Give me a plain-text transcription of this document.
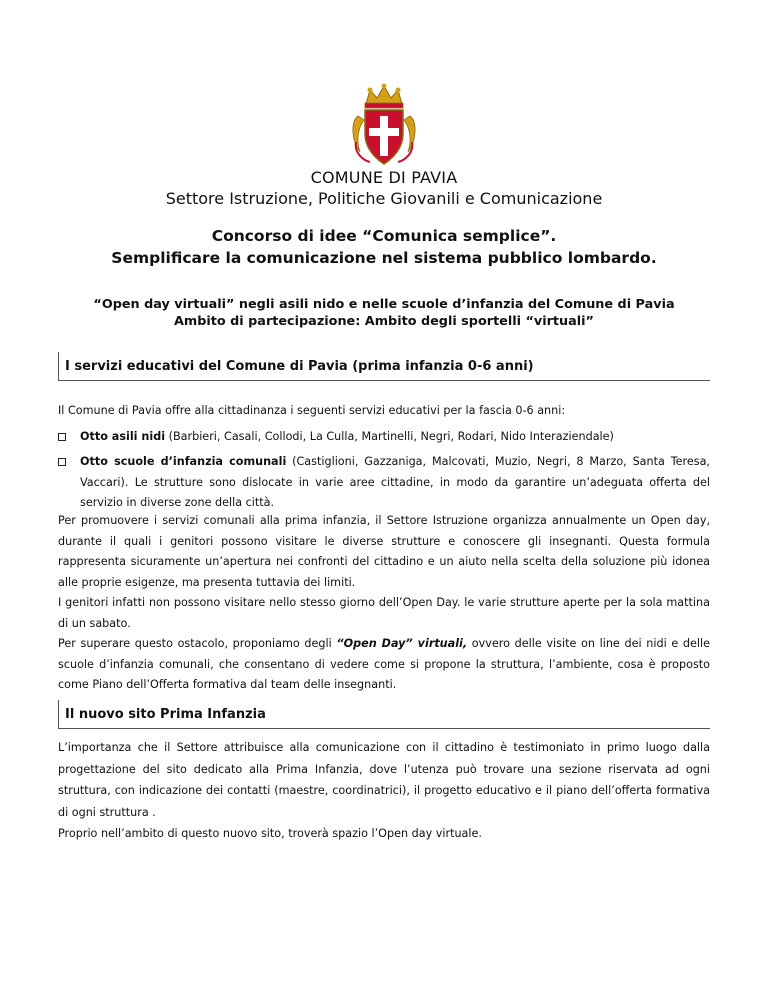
COMUNE DI PAVIA
Settore Istruzione, Politiche Giovanili e Comunicazione
Concorso di idee “Comunica semplice”.
Semplificare la comunicazione nel sistema pubblico lombardo.
“Open day virtuali” negli asili nido e nelle scuole d’infanzia del Comune di Pavia
Ambito di partecipazione: Ambito degli sportelli “virtuali”
I servizi educativi del Comune di Pavia (prima infanzia 0-6 anni)
Il Comune di Pavia offre alla cittadinanza i seguenti servizi educativi per la fascia 0-6 anni:
Otto asili nidi (Barbieri, Casali, Collodi, La Culla, Martinelli, Negri, Rodari, Nido Interaziendale)
Otto scuole d’infanzia comunali (Castiglioni, Gazzaniga, Malcovati, Muzio, Negri, 8 Marzo, Santa Teresa, Vaccari). Le strutture sono dislocate in varie aree cittadine, in modo da garantire un’adeguata offerta del servizio in diverse zone della città.
Per promuovere i servizi comunali alla prima infanzia, il Settore Istruzione organizza annualmente un Open day, durante il quali i genitori possono visitare le diverse strutture e conoscere gli insegnanti. Questa formula rappresenta sicuramente un’apertura nei confronti del cittadino e un aiuto nella scelta della soluzione più idonea alle proprie esigenze, ma presenta tuttavia dei limiti.
I genitori infatti non possono visitare nello stesso giorno dell’Open Day. le varie strutture aperte per la sola mattina di un sabato.
Per superare questo ostacolo, proponiamo degli “Open Day” virtuali, ovvero delle visite on line dei nidi e delle scuole d’infanzia comunali, che consentano di vedere come si propone la struttura, l’ambiente, cosa è proposto come Piano dell’Offerta formativa dal team delle insegnanti.
Il nuovo sito Prima Infanzia
L’importanza che il Settore attribuisce alla comunicazione con il cittadino è testimoniato in primo luogo dalla progettazione del sito dedicato alla Prima Infanzia, dove l’utenza può trovare una sezione riservata ad ogni struttura, con indicazione dei contatti (maestre, coordinatrici), il progetto educativo e il piano dell’offerta formativa di ogni struttura .
Proprio nell’ambito di questo nuovo sito, troverà spazio l’Open day virtuale.
